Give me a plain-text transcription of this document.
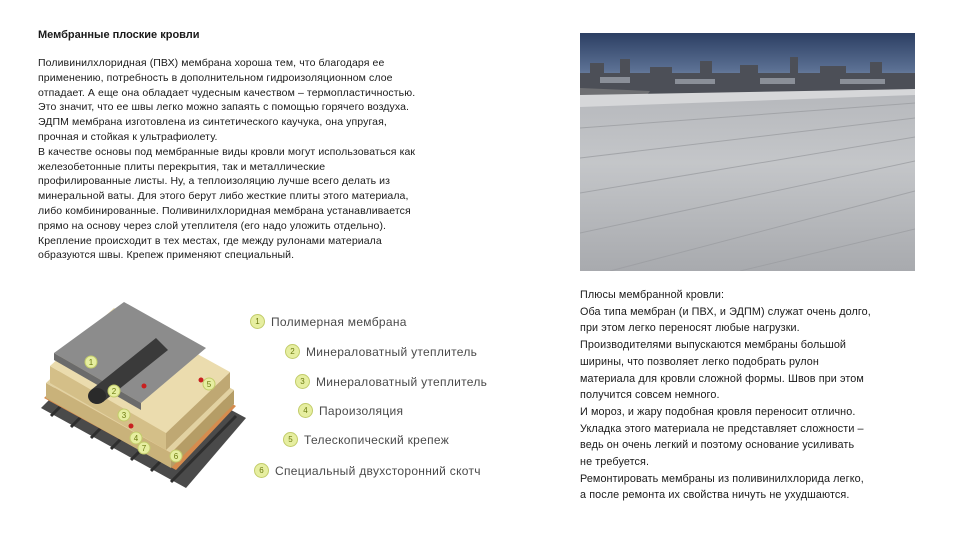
Мембранные плоские кровли
Поливинилхлоридная (ПВХ) мембрана хороша тем, что благодаря ее
применению, потребность в дополнительном гидроизоляционном слое
отпадает. А еще она обладает чудесным качеством – термопластичностью.
Это значит, что ее швы легко можно запаять с помощью горячего воздуха.
ЭДПМ мембрана изготовлена из синтетического каучука, она упругая,
прочная и стойкая к ультрафиолету.
В качестве основы под мембранные виды кровли могут использоваться как
железобетонные плиты перекрытия, так и металлические
профилированные листы. Ну, а теплоизоляцию лучше всего делать из
минеральной ваты. Для этого берут либо жесткие плиты этого материала,
либо комбинированные. Поливинилхлоридная мембрана устанавливается
прямо на основу через слой утеплителя (его надо уложить отдельно).
Крепление происходит в тех местах, где между рулонами материала
образуются швы. Крепеж применяют специальный.
Плюсы мембранной кровли:
Оба типа мембран (и ПВХ, и ЭДПМ) служат очень долго,
при этом легко переносят любые нагрузки.
Производителями выпускаются мембраны большой
ширины, что позволяет легко подобрать рулон
материала для кровли сложной формы. Швов при этом
получится совсем немного.
И мороз, и жару подобная кровля переносит отлично.
Укладка этого материала не представляет сложности –
ведь он очень легкий и поэтому основание усиливать
не требуется.
Ремонтировать мембраны из поливинилхлорида легко,
а после ремонта их свойства ничуть не ухудшаются.
1
2
3
4
5
6
7
1 Полимерная мембрана
2 Минераловатный утеплитель
3 Минераловатный утеплитель
4 Пароизоляция
5 Телескопический крепеж
6 Специальный двухсторонний скотч
